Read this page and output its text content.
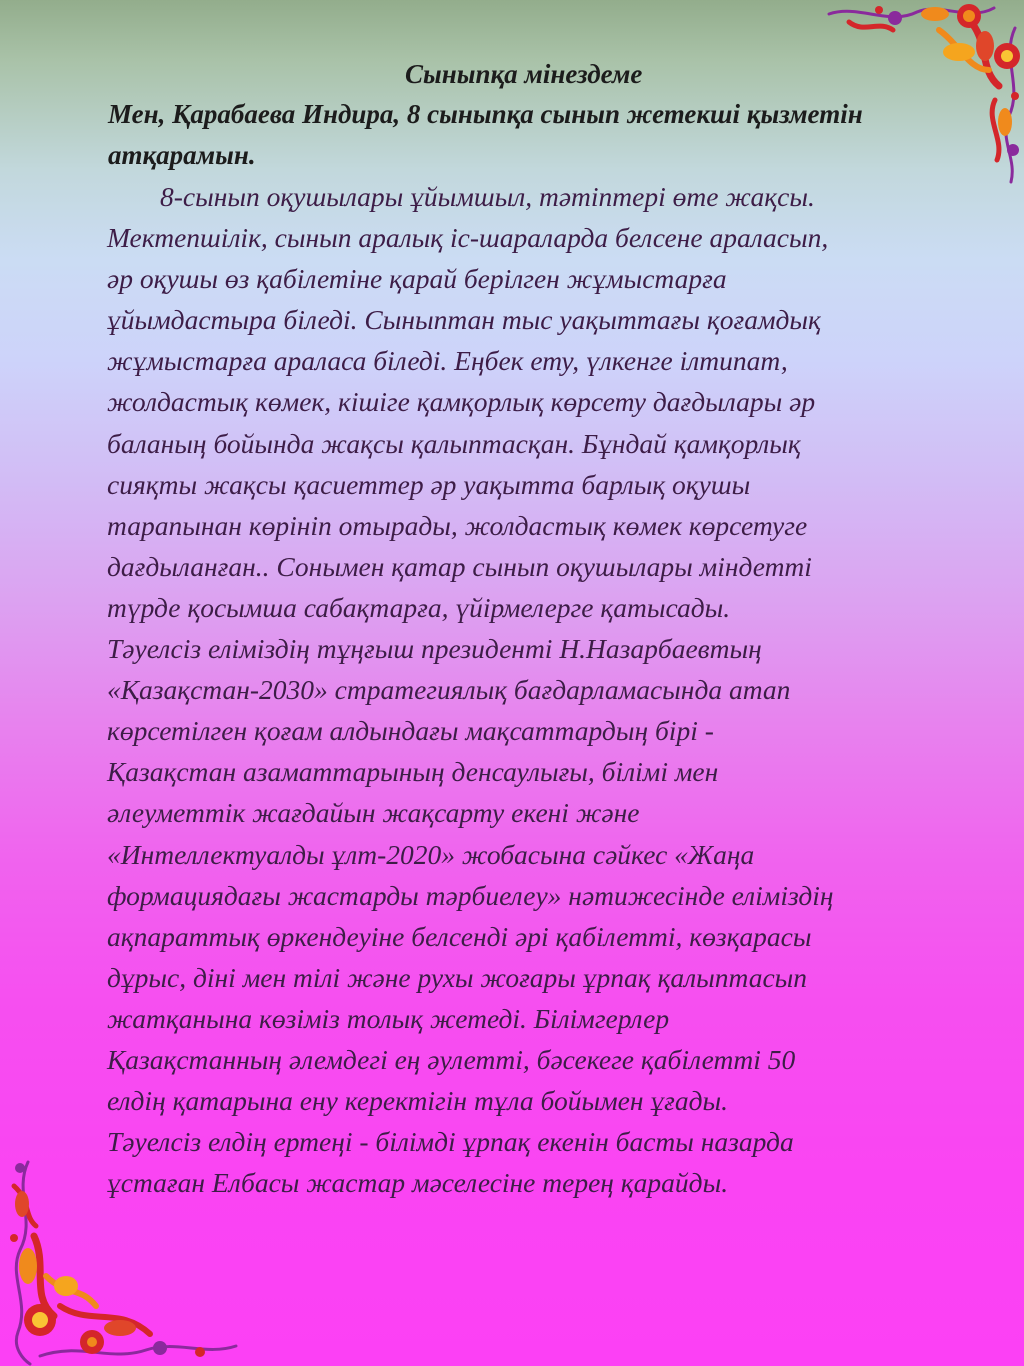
Сыныпқа мінездеме

Мен, Қарабаева Индира, 8 сыныпқа сынып жетекші қызметін атқарамын.

8-сынып оқушылары ұйымшыл, тәтіптері өте жақсы.
Мектепшілік, сынып аралық іс-шараларда белсене араласып,
әр оқушы өз қабілетіне қарай берілген жұмыстарға
ұйымдастыра біледі. Сыныптан тыс уақыттағы қоғамдық
жұмыстарға араласа біледі. Еңбек ету, үлкенге ілтипат,
жолдастық көмек, кішіге қамқорлық көрсету дағдылары әр
баланың бойында жақсы қалыптасқан. Бұндай қамқорлық
сияқты жақсы қасиеттер әр уақытта барлық оқушы
тарапынан көрініп отырады, жолдастық көмек көрсетуге
дағдыланған.. Сонымен қатар сынып оқушылары міндетті
түрде қосымша сабақтарға, үйірмелерге қатысады.
Тәуелсіз еліміздің тұңғыш президенті Н.Назарбаевтың
«Қазақстан-2030» стратегиялық бағдарламасында атап
көрсетілген қоғам алдындағы мақсаттардың бірі -
Қазақстан азаматтарының денсаулығы, білімі мен
әлеуметтік жағдайын жақсарту екені және
«Интеллектуалды ұлт-2020» жобасына сәйкес «Жаңа
формациядағы жастарды тәрбиелеу» нәтижесінде еліміздің
ақпараттық өркендеуіне белсенді әрі қабілетті, көзқарасы
дұрыс, діні мен тілі және рухы жоғары ұрпақ қалыптасып
жатқанына көзіміз толық жетеді. Білімгерлер
Қазақстанның әлемдегі ең әулетті, бәсекеге қабілетті 50
елдің қатарына ену керектігін тұла бойымен ұғады.
Тәуелсіз елдің ертеңі - білімді ұрпақ екенін басты назарда
ұстаған Елбасы жастар мәселесіне терең қарайды.
